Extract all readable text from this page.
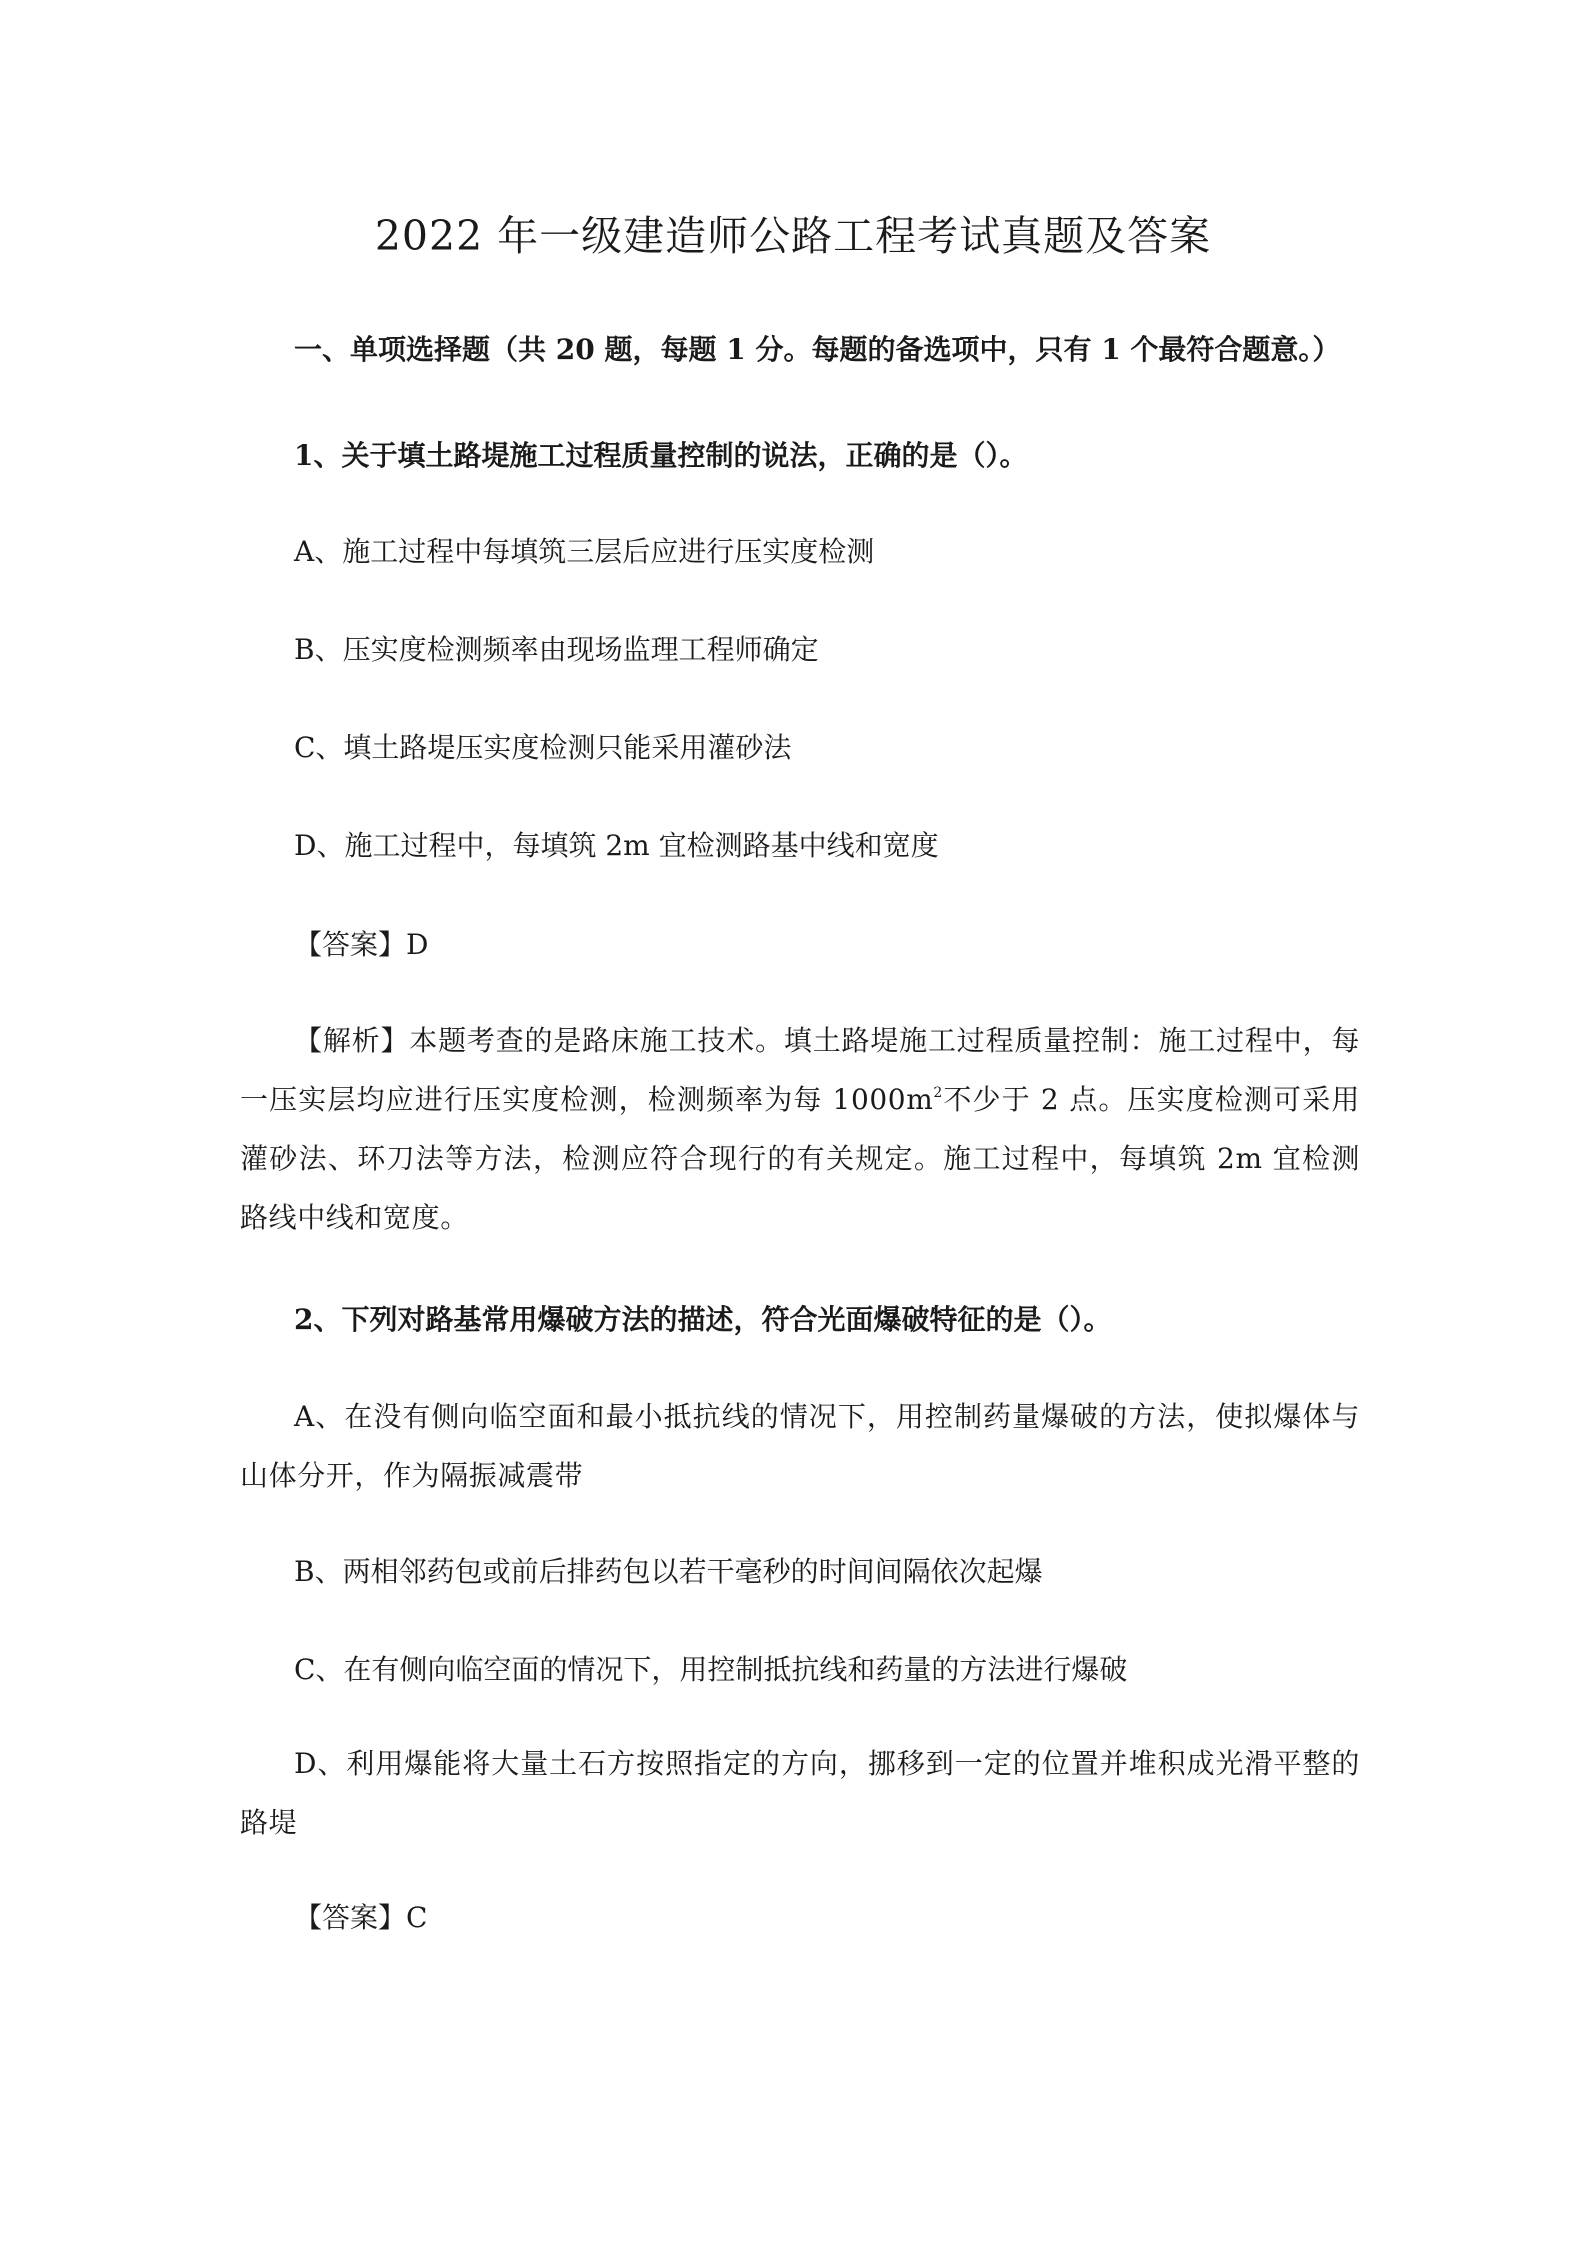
2022 年一级建造师公路工程考试真题及答案
一、单项选择题（共 20 题，每题 1 分。每题的备选项中，只有 1 个最符合题意。）
1、关于填土路堤施工过程质量控制的说法，正确的是（）。
A、施工过程中每填筑三层后应进行压实度检测
B、压实度检测频率由现场监理工程师确定
C、填土路堤压实度检测只能采用灌砂法
D、施工过程中，每填筑 2m 宜检测路基中线和宽度
【答案】D
【解析】本题考查的是路床施工技术。填土路堤施工过程质量控制：施工过程中，每一压实层均应进行压实度检测，检测频率为每 $1000m^2$不少于 2 点。压实度检测可采用灌砂法、环刀法等方法，检测应符合现行的有关规定。施工过程中，每填筑 2m 宜检测路线中线和宽度。
2、下列对路基常用爆破方法的描述，符合光面爆破特征的是（）。
A、在没有侧向临空面和最小抵抗线的情况下，用控制药量爆破的方法，使拟爆体与山体分开，作为隔振减震带
B、两相邻药包或前后排药包以若干毫秒的时间间隔依次起爆
C、在有侧向临空面的情况下，用控制抵抗线和药量的方法进行爆破
D、利用爆能将大量土石方按照指定的方向，挪移到一定的位置并堆积成光滑平整的路堤
【答案】C
